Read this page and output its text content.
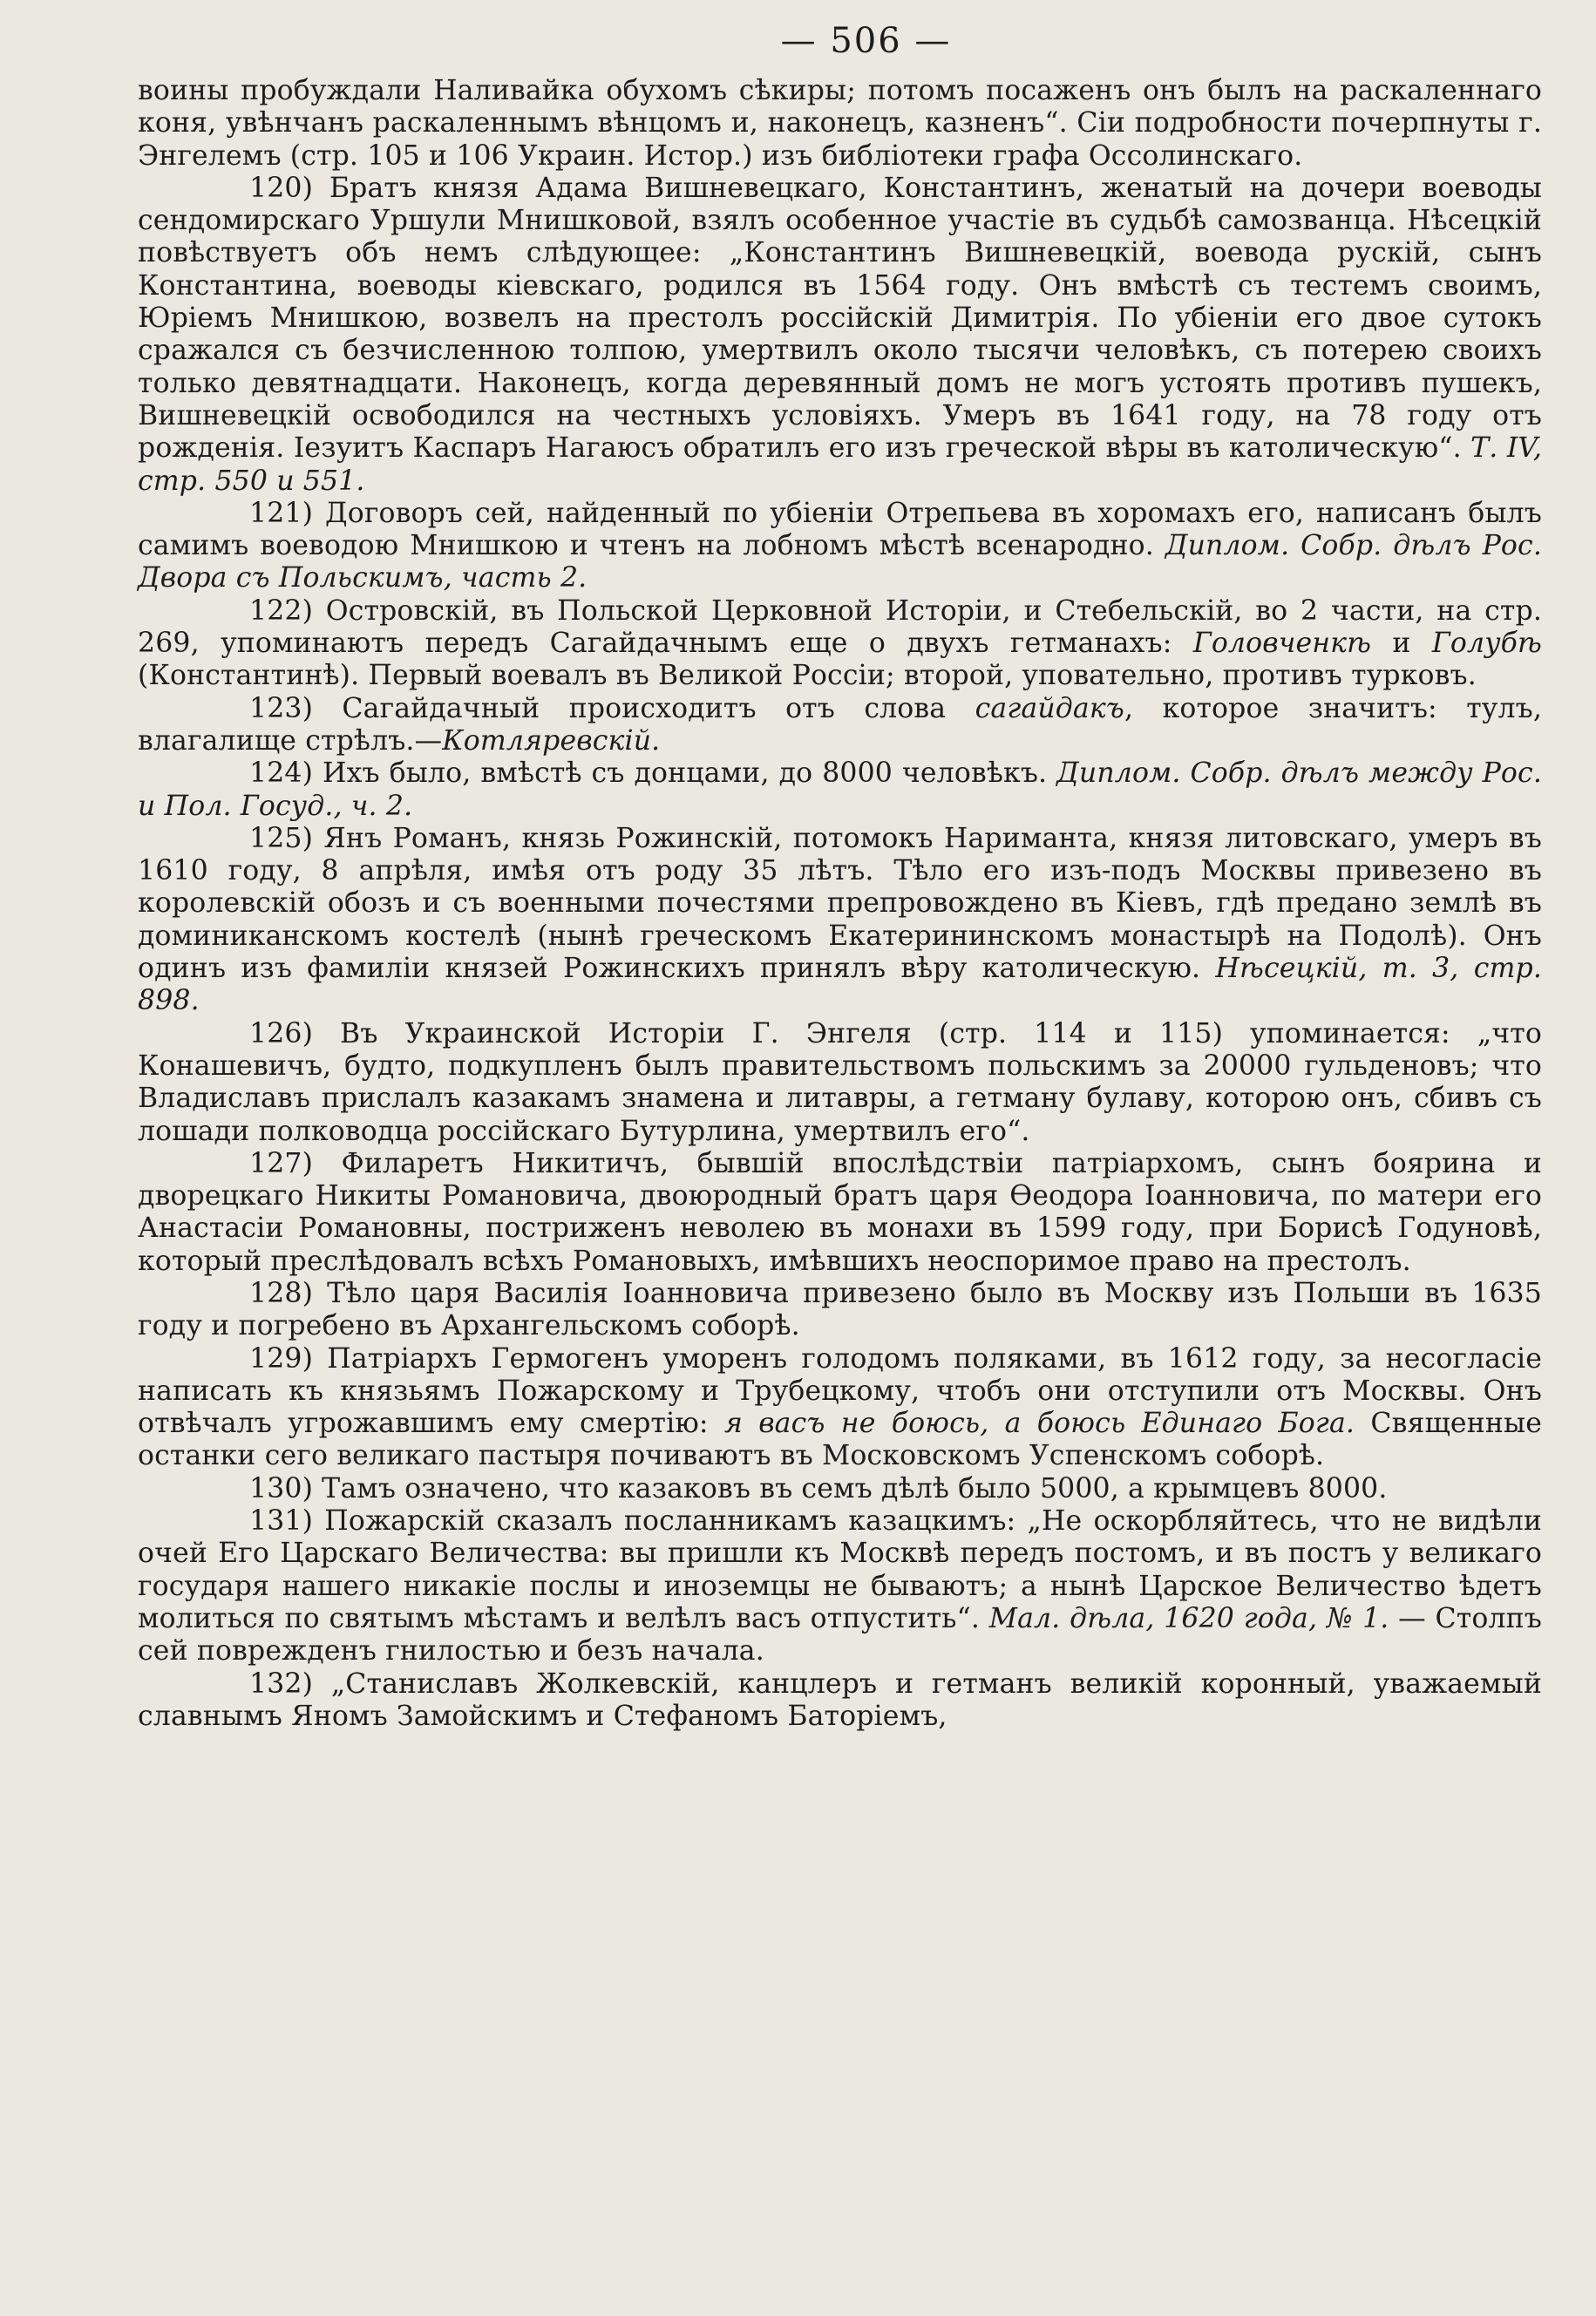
— 506 —

воины пробуждали Наливайка обухомъ сѣкиры; потомъ посаженъ онъ былъ на раскаленнаго коня, увѣнчанъ раскаленнымъ вѣнцомъ и, наконецъ, казненъ“. Сіи подробности почерпнуты г. Энгелемъ (стр. 105 и 106 Украин. Истор.) изъ библіотеки графа Оссолинскаго.

120) Братъ князя Адама Вишневецкаго, Константинъ, женатый на дочери воеводы сендомирскаго Уршули Мнишковой, взялъ особенное участіе въ судьбѣ самозванца. Нѣсецкій повѣствуетъ объ немъ слѣдующее: „Константинъ Вишневецкій, воевода рускій, сынъ Константина, воеводы кіевскаго, родился въ 1564 году. Онъ вмѣстѣ съ тестемъ своимъ, Юріемъ Мнишкою, возвелъ на престолъ россійскій Димитрія. По убіеніи его двое сутокъ сражался съ безчисленною толпою, умертвилъ около тысячи человѣкъ, съ потерею своихъ только девятнадцати. Наконецъ, когда деревянный домъ не могъ устоять противъ пушекъ, Вишневецкій освободился на честныхъ условіяхъ. Умеръ въ 1641 году, на 78 году отъ рожденія. Іезуитъ Каспаръ Нагаюсъ обратилъ его изъ греческой вѣры въ католическую“. Т. IV, стр. 550 и 551.

121) Договоръ сей, найденный по убіеніи Отрепьева въ хоромахъ его, написанъ былъ самимъ воеводою Мнишкою и чтенъ на лобномъ мѣстѣ всенародно. Диплом. Собр. дѣлъ Рос. Двора съ Польскимъ, часть 2.

122) Островскій, въ Польской Церковной Исторіи, и Стебельскій, во 2 части, на стр. 269, упоминаютъ передъ Сагайдачнымъ еще о двухъ гетманахъ: Головченкѣ и Голубѣ (Константинѣ). Первый воевалъ въ Великой Россіи; второй, уповательно, противъ турковъ.

123) Сагайдачный происходитъ отъ слова сагайдакъ, которое значитъ: тулъ, влагалище стрѣлъ.—Котляревскій.

124) Ихъ было, вмѣстѣ съ донцами, до 8000 человѣкъ. Диплом. Собр. дѣлъ между Рос. и Пол. Госуд., ч. 2.

125) Янъ Романъ, князь Рожинскій, потомокъ Нариманта, князя литовскаго, умеръ въ 1610 году, 8 апрѣля, имѣя отъ роду 35 лѣтъ. Тѣло его изъ-подъ Москвы привезено въ королевскій обозъ и съ военными почестями препровождено въ Кіевъ, гдѣ предано землѣ въ доминиканскомъ костелѣ (нынѣ греческомъ Екатерининскомъ монастырѣ на Подолѣ). Онъ одинъ изъ фамиліи князей Рожинскихъ принялъ вѣру католическую. Нѣсецкій, т. 3, стр. 898.

126) Въ Украинской Исторіи Г. Энгеля (стр. 114 и 115) упоминается: „что Конашевичъ, будто, подкупленъ былъ правительствомъ польскимъ за 20000 гульденовъ; что Владиславъ прислалъ казакамъ знамена и литавры, а гетману булаву, которою онъ, сбивъ съ лошади полководца россійскаго Бутурлина, умертвилъ его“.

127) Филаретъ Никитичъ, бывшій впослѣдствіи патріархомъ, сынъ боярина и дворецкаго Никиты Романовича, двоюродный братъ царя Ѳеодора Іоанновича, по матери его Анастасіи Романовны, постриженъ неволею въ монахи въ 1599 году, при Борисѣ Годуновѣ, который преслѣдовалъ всѣхъ Романовыхъ, имѣвшихъ неоспоримое право на престолъ.

128) Тѣло царя Василія Іоанновича привезено было въ Москву изъ Польши въ 1635 году и погребено въ Архангельскомъ соборѣ.

129) Патріархъ Гермогенъ уморенъ голодомъ поляками, въ 1612 году, за несогласіе написать къ князьямъ Пожарскому и Трубецкому, чтобъ они отступили отъ Москвы. Онъ отвѣчалъ угрожавшимъ ему смертію: я васъ не боюсь, а боюсь Единаго Бога. Священные останки сего великаго пастыря почиваютъ въ Московскомъ Успенскомъ соборѣ.

130) Тамъ означено, что казаковъ въ семъ дѣлѣ было 5000, а крымцевъ 8000.

131) Пожарскій сказалъ посланникамъ казацкимъ: „Не оскорбляйтесь, что не видѣли очей Его Царскаго Величества: вы пришли къ Москвѣ передъ постомъ, и въ постъ у великаго государя нашего никакіе послы и иноземцы не бываютъ; а нынѣ Царское Величество ѣдетъ молиться по святымъ мѣстамъ и велѣлъ васъ отпустить“. Мал. дѣла, 1620 года, № 1. — Столпъ сей поврежденъ гнилостью и безъ начала.

132) „Станиславъ Жолкевскій, канцлеръ и гетманъ великій коронный, уважаемый славнымъ Яномъ Замойскимъ и Стефаномъ Баторіемъ,
